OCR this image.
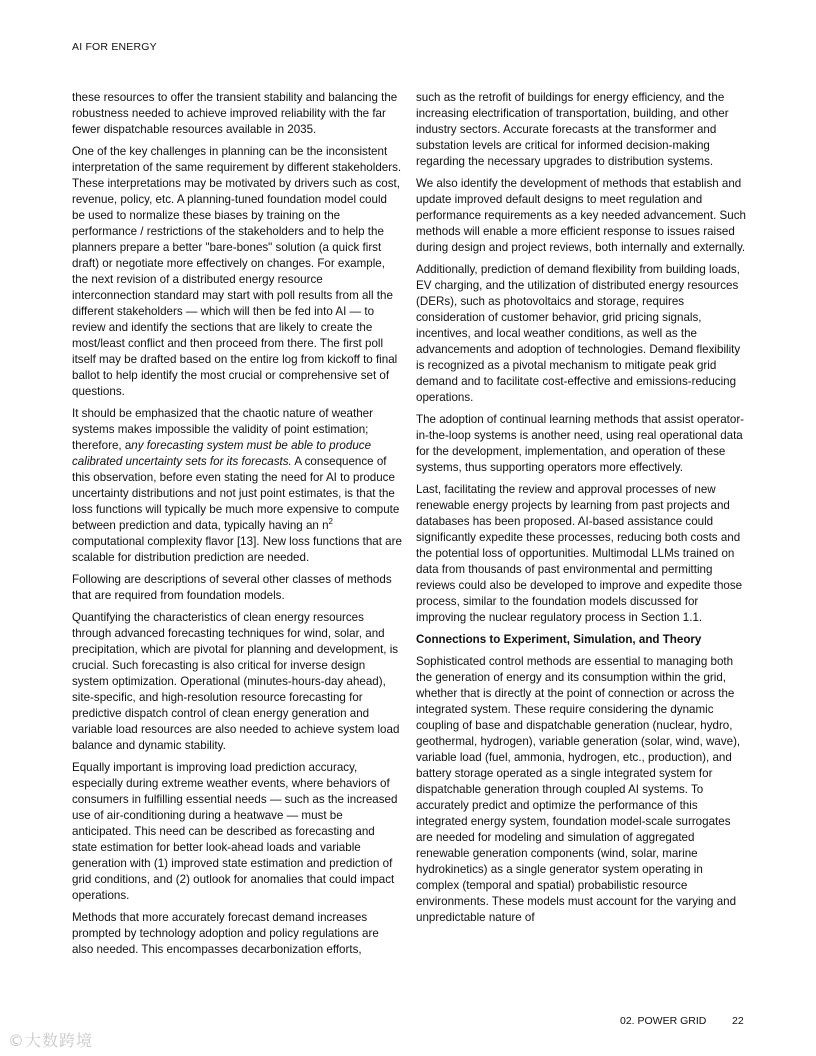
AI FOR ENERGY

these resources to offer the transient stability and balancing the robustness needed to achieve improved reliability with the far fewer dispatchable resources available in 2035.

One of the key challenges in planning can be the inconsistent interpretation of the same requirement by different stakeholders. These interpretations may be motivated by drivers such as cost, revenue, policy, etc. A planning-tuned foundation model could be used to normalize these biases by training on the performance / restrictions of the stakeholders and to help the planners prepare a better "bare-bones" solution (a quick first draft) or negotiate more effectively on changes. For example, the next revision of a distributed energy resource interconnection standard may start with poll results from all the different stakeholders — which will then be fed into AI — to review and identify the sections that are likely to create the most/least conflict and then proceed from there. The first poll itself may be drafted based on the entire log from kickoff to final ballot to help identify the most crucial or comprehensive set of questions.

It should be emphasized that the chaotic nature of weather systems makes impossible the validity of point estimation; therefore, any forecasting system must be able to produce calibrated uncertainty sets for its forecasts. A consequence of this observation, before even stating the need for AI to produce uncertainty distributions and not just point estimates, is that the loss functions will typically be much more expensive to compute between prediction and data, typically having an $n^2$ computational complexity flavor [13]. New loss functions that are scalable for distribution prediction are needed.

Following are descriptions of several other classes of methods that are required from foundation models.

Quantifying the characteristics of clean energy resources through advanced forecasting techniques for wind, solar, and precipitation, which are pivotal for planning and development, is crucial. Such forecasting is also critical for inverse design system optimization. Operational (minutes-hours-day ahead), site-specific, and high-resolution resource forecasting for predictive dispatch control of clean energy generation and variable load resources are also needed to achieve system load balance and dynamic stability.

Equally important is improving load prediction accuracy, especially during extreme weather events, where behaviors of consumers in fulfilling essential needs — such as the increased use of air-conditioning during a heatwave — must be anticipated. This need can be described as forecasting and state estimation for better look-ahead loads and variable generation with (1) improved state estimation and prediction of grid conditions, and (2) outlook for anomalies that could impact operations.

Methods that more accurately forecast demand increases prompted by technology adoption and policy regulations are also needed. This encompasses decarbonization efforts,

such as the retrofit of buildings for energy efficiency, and the increasing electrification of transportation, building, and other industry sectors. Accurate forecasts at the transformer and substation levels are critical for informed decision-making regarding the necessary upgrades to distribution systems.

We also identify the development of methods that establish and update improved default designs to meet regulation and performance requirements as a key needed advancement. Such methods will enable a more efficient response to issues raised during design and project reviews, both internally and externally.

Additionally, prediction of demand flexibility from building loads, EV charging, and the utilization of distributed energy resources (DERs), such as photovoltaics and storage, requires consideration of customer behavior, grid pricing signals, incentives, and local weather conditions, as well as the advancements and adoption of technologies. Demand flexibility is recognized as a pivotal mechanism to mitigate peak grid demand and to facilitate cost-effective and emissions-reducing operations.

The adoption of continual learning methods that assist operator-in-the-loop systems is another need, using real operational data for the development, implementation, and operation of these systems, thus supporting operators more effectively.

Last, facilitating the review and approval processes of new renewable energy projects by learning from past projects and databases has been proposed. AI-based assistance could significantly expedite these processes, reducing both costs and the potential loss of opportunities. Multimodal LLMs trained on data from thousands of past environmental and permitting reviews could also be developed to improve and expedite those process, similar to the foundation models discussed for improving the nuclear regulatory process in Section 1.1.

Connections to Experiment, Simulation, and Theory

Sophisticated control methods are essential to managing both the generation of energy and its consumption within the grid, whether that is directly at the point of connection or across the integrated system. These require considering the dynamic coupling of base and dispatchable generation (nuclear, hydro, geothermal, hydrogen), variable generation (solar, wind, wave), variable load (fuel, ammonia, hydrogen, etc., production), and battery storage operated as a single integrated system for dispatchable generation through coupled AI systems. To accurately predict and optimize the performance of this integrated energy system, foundation model-scale surrogates are needed for modeling and simulation of aggregated renewable generation components (wind, solar, marine hydrokinetics) as a single generator system operating in complex (temporal and spatial) probabilistic resource environments. These models must account for the varying and unpredictable nature of

02. POWER GRID 22
©大数跨境
